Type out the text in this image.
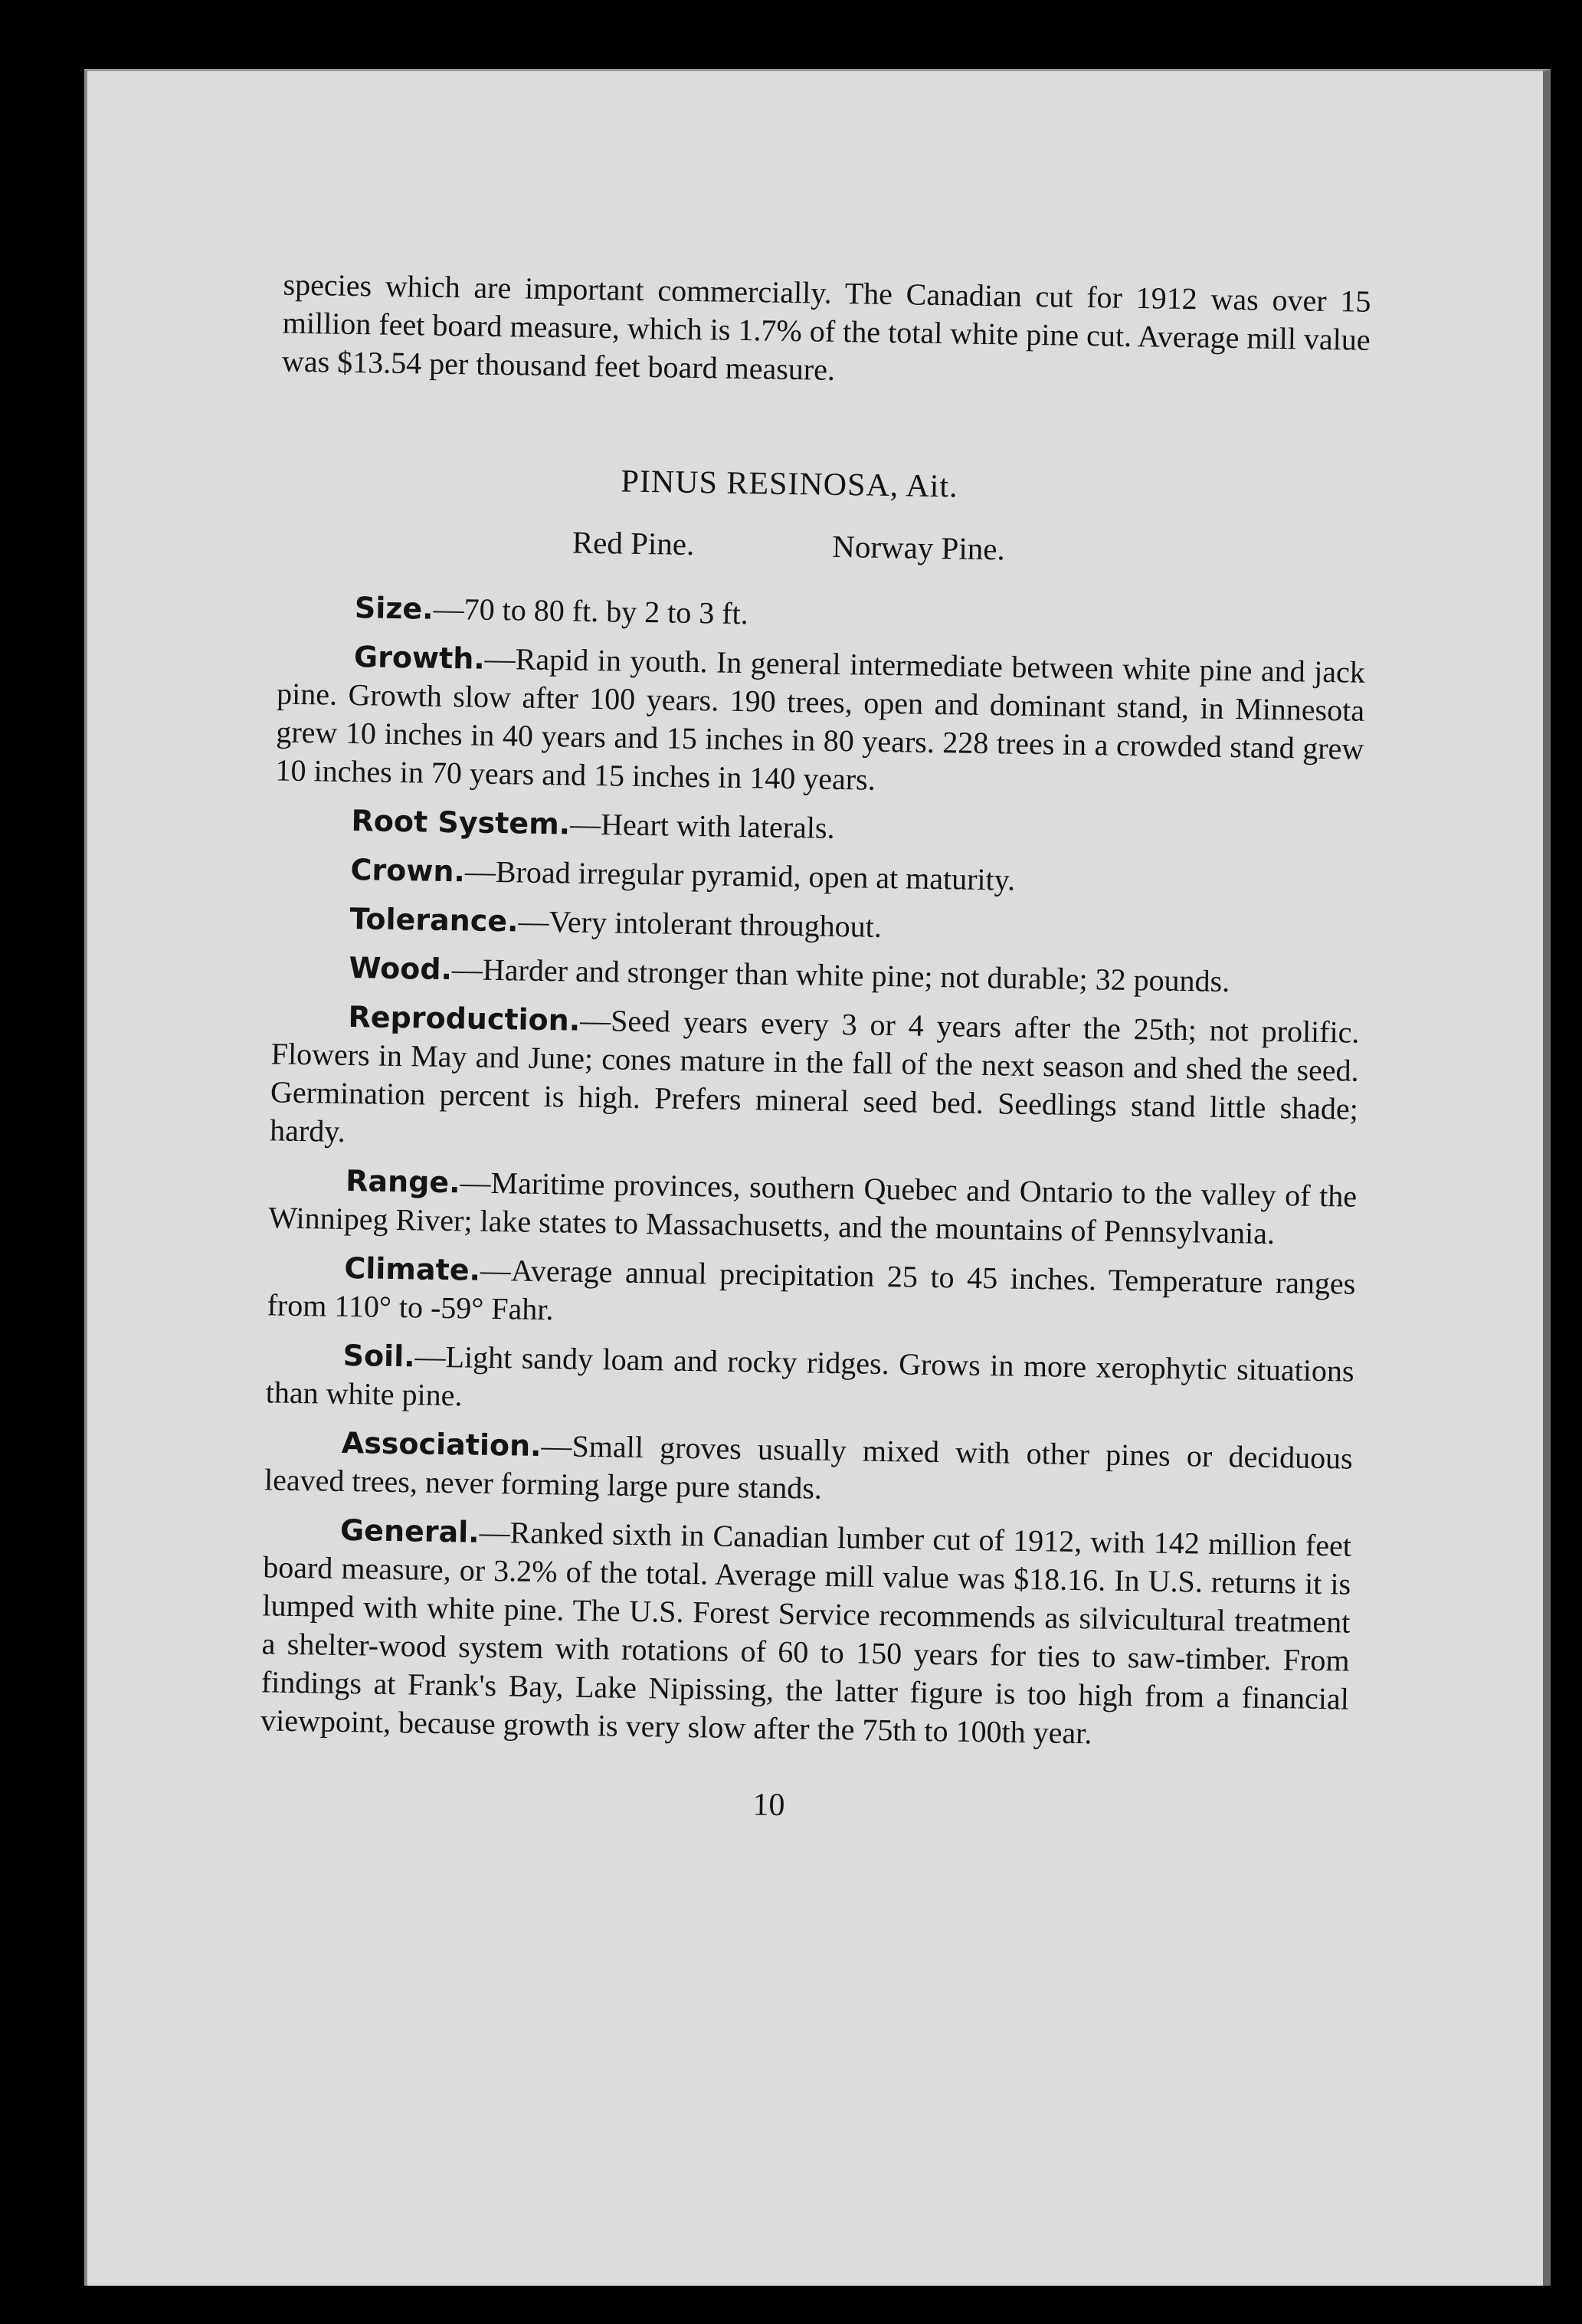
species which are important commercially. The Canadian cut for 1912 was over 15 million feet board measure, which is 1.7% of the total white pine cut. Average mill value was $13.54 per thousand feet board measure.

PINUS RESINOSA, Ait.
Red Pine.	Norway Pine.

Size.—70 to 80 ft. by 2 to 3 ft.

Growth.—Rapid in youth. In general intermediate between white pine and jack pine. Growth slow after 100 years. 190 trees, open and dominant stand, in Minnesota grew 10 inches in 40 years and 15 inches in 80 years. 228 trees in a crowded stand grew 10 inches in 70 years and 15 inches in 140 years.

Root System.—Heart with laterals.

Crown.—Broad irregular pyramid, open at maturity.

Tolerance.—Very intolerant throughout.

Wood.—Harder and stronger than white pine; not durable; 32 pounds.

Reproduction.—Seed years every 3 or 4 years after the 25th; not prolific. Flowers in May and June; cones mature in the fall of the next season and shed the seed. Germination percent is high. Prefers mineral seed bed. Seedlings stand little shade; hardy.

Range.—Maritime provinces, southern Quebec and Ontario to the valley of the Winnipeg River; lake states to Massachusetts, and the mountains of Pennsylvania.

Climate.—Average annual precipitation 25 to 45 inches. Temperature ranges from 110° to -59° Fahr.

Soil.—Light sandy loam and rocky ridges. Grows in more xerophytic situations than white pine.

Association.—Small groves usually mixed with other pines or deciduous leaved trees, never forming large pure stands.

General.—Ranked sixth in Canadian lumber cut of 1912, with 142 million feet board measure, or 3.2% of the total. Average mill value was $18.16. In U.S. returns it is lumped with white pine. The U.S. Forest Service recommends as silvicultural treatment a shelter-wood system with rotations of 60 to 150 years for ties to saw-timber. From findings at Frank's Bay, Lake Nipissing, the latter figure is too high from a financial viewpoint, because growth is very slow after the 75th to 100th year.

10
